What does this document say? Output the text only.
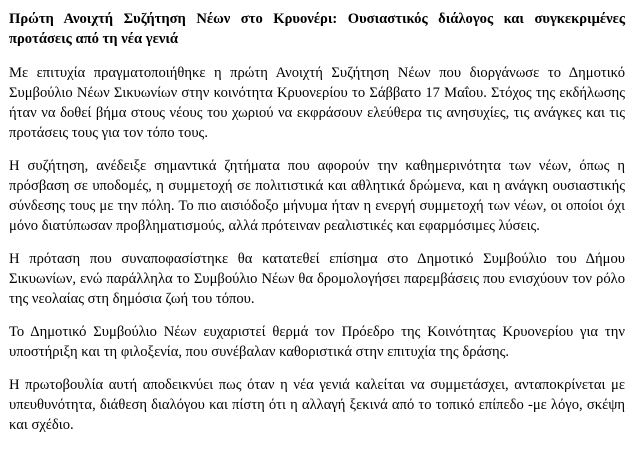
Πρώτη Ανοιχτή Συζήτηση Νέων στο Κρυονέρι: Ουσιαστικός διάλογος και συγκεκριμένες προτάσεις από τη νέα γενιά

Με επιτυχία πραγματοποιήθηκε η πρώτη Ανοιχτή Συζήτηση Νέων που διοργάνωσε το Δημοτικό Συμβούλιο Νέων Σικυωνίων στην κοινότητα Κρυονερίου το Σάββατο 17 Μαΐου. Στόχος της εκδήλωσης ήταν να δοθεί βήμα στους νέους του χωριού να εκφράσουν ελεύθερα τις ανησυχίες, τις ανάγκες και τις προτάσεις τους για τον τόπο τους.

Η συζήτηση, ανέδειξε σημαντικά ζητήματα που αφορούν την καθημερινότητα των νέων, όπως η πρόσβαση σε υποδομές, η συμμετοχή σε πολιτιστικά και αθλητικά δρώμενα, και η ανάγκη ουσιαστικής σύνδεσης τους με την πόλη. Το πιο αισιόδοξο μήνυμα ήταν η ενεργή συμμετοχή των νέων, οι οποίοι όχι μόνο διατύπωσαν προβληματισμούς, αλλά πρότειναν ρεαλιστικές και εφαρμόσιμες λύσεις.

Η πρόταση που συναποφασίστηκε θα κατατεθεί επίσημα στο Δημοτικό Συμβούλιο του Δήμου Σικυωνίων, ενώ παράλληλα το Συμβούλιο Νέων θα δρομολογήσει παρεμβάσεις που ενισχύουν τον ρόλο της νεολαίας στη δημόσια ζωή του τόπου.

Το Δημοτικό Συμβούλιο Νέων ευχαριστεί θερμά τον Πρόεδρο της Κοινότητας Κρυονερίου για την υποστήριξη και τη φιλοξενία, που συνέβαλαν καθοριστικά στην επιτυχία της δράσης.

Η πρωτοβουλία αυτή αποδεικνύει πως όταν η νέα γενιά καλείται να συμμετάσχει, ανταποκρίνεται με υπευθυνότητα, διάθεση διαλόγου και πίστη ότι η αλλαγή ξεκινά από το τοπικό επίπεδο -με λόγο, σκέψη και σχέδιο.
